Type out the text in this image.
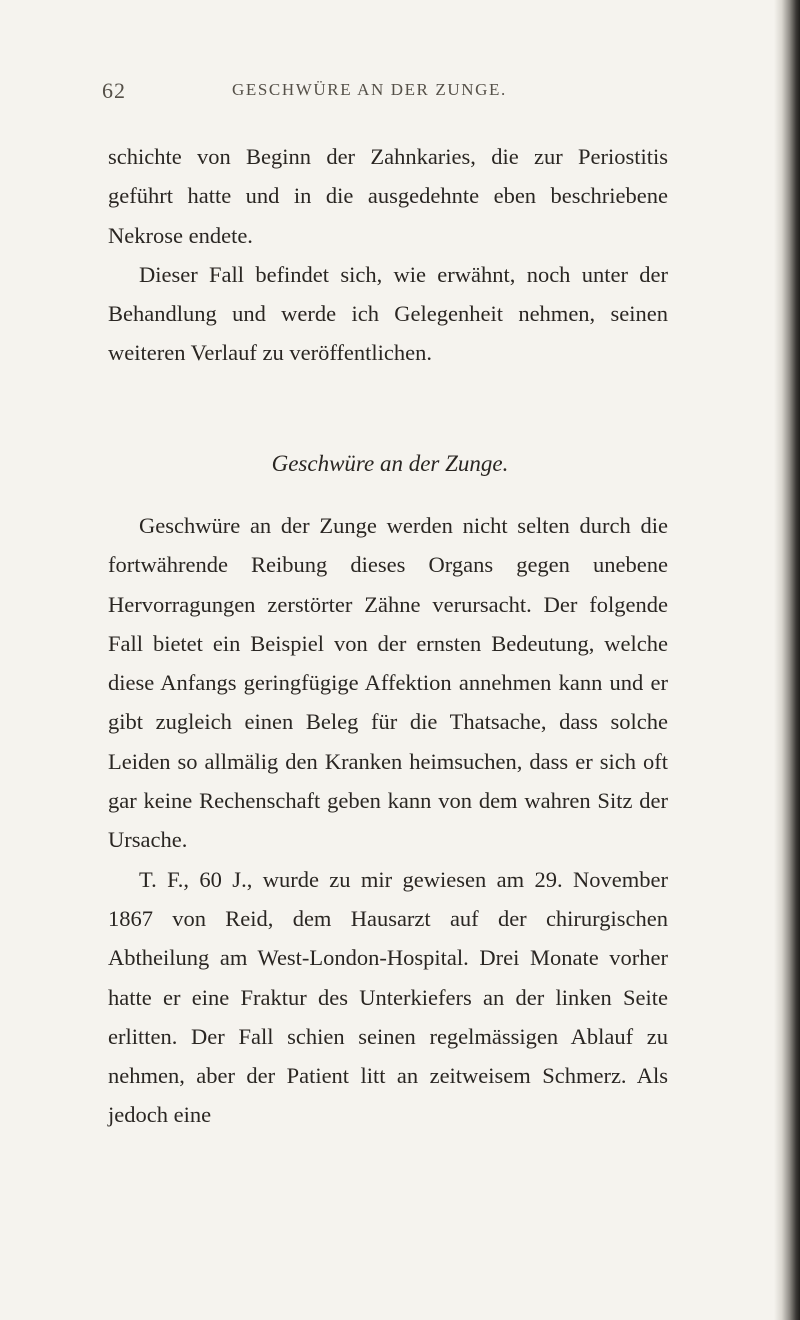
62	GESCHWÜRE AN DER ZUNGE.

schichte von Beginn der Zahnkaries, die zur Periostitis geführt hatte und in die ausgedehnte eben beschriebene Nekrose endete.

Dieser Fall befindet sich, wie erwähnt, noch unter der Behandlung und werde ich Gelegenheit nehmen, seinen weiteren Verlauf zu veröffentlichen.

Geschwüre an der Zunge.

Geschwüre an der Zunge werden nicht selten durch die fortwährende Reibung dieses Organs gegen unebene Hervorragungen zerstörter Zähne verursacht. Der folgende Fall bietet ein Beispiel von der ernsten Bedeutung, welche diese Anfangs geringfügige Affektion annehmen kann und er gibt zugleich einen Beleg für die Thatsache, dass solche Leiden so allmälig den Kranken heimsuchen, dass er sich oft gar keine Rechenschaft geben kann von dem wahren Sitz der Ursache.

T. F., 60 J., wurde zu mir gewiesen am 29. November 1867 von Reid, dem Hausarzt auf der chirurgischen Abtheilung am West-London-Hospital. Drei Monate vorher hatte er eine Fraktur des Unterkiefers an der linken Seite erlitten. Der Fall schien seinen regelmässigen Ablauf zu nehmen, aber der Patient litt an zeitweisem Schmerz. Als jedoch eine
